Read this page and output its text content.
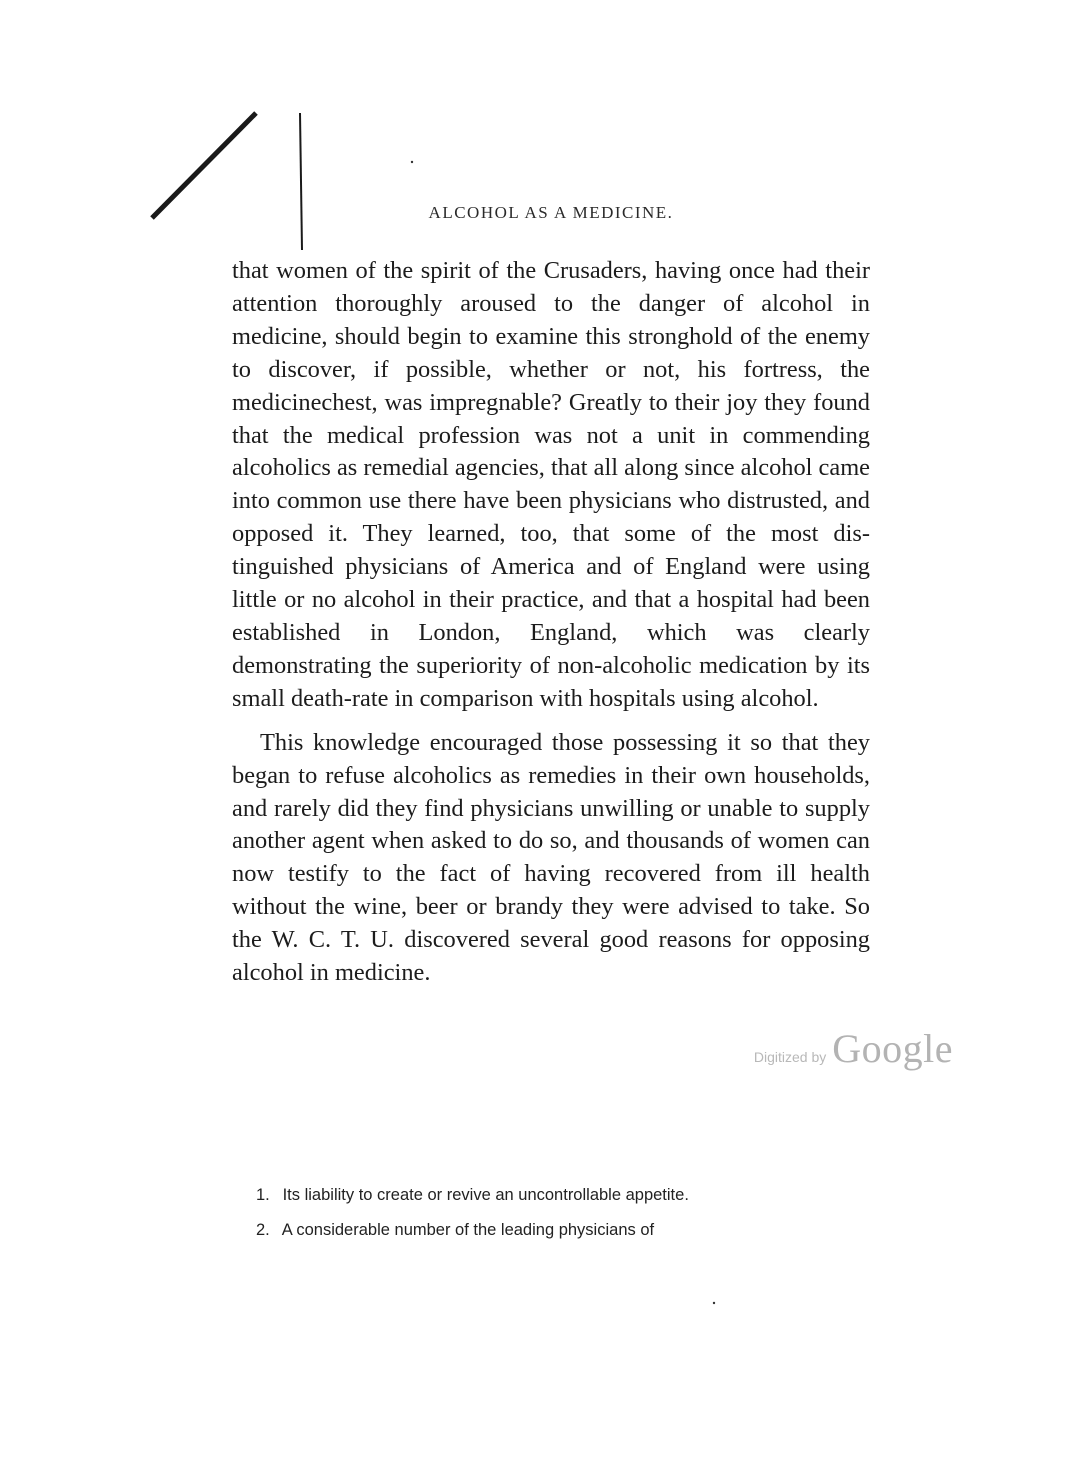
ALCOHOL AS A MEDICINE.

that women of the spirit of the Crusaders, having once had their attention thoroughly aroused to the danger of alcohol in medicine, should begin to examine this stronghold of the enemy to discover, if possible, whether or not, his fortress, the medicinechest, was impregnable? Greatly to their joy they found that the medical profession was not a unit in commending alcoholics as remedial agencies, that all along since alcohol came into common use there have been physicians who distrusted, and opposed it. They learned, too, that some of the most distinguished physicians of America and of England were using little or no alcohol in their practice, and that a hospital had been established in London, England, which was clearly demonstrating the superiority of non-alcoholic medication by its small death-rate in comparison with hospitals using alcohol.

This knowledge encouraged those possessing it so that they began to refuse alcoholics as remedies in their own households, and rarely did they find physicians unwilling or unable to supply another agent when asked to do so, and thousands of women can now testify to the fact of having recovered from ill health without the wine, beer or brandy they were advised to take. So the W. C. T. U. discovered several good reasons for opposing alcohol in medicine.

1. Its liability to create or revive an uncontrollable appetite.
2. A considerable number of the leading physicians of
Digitized by Google
